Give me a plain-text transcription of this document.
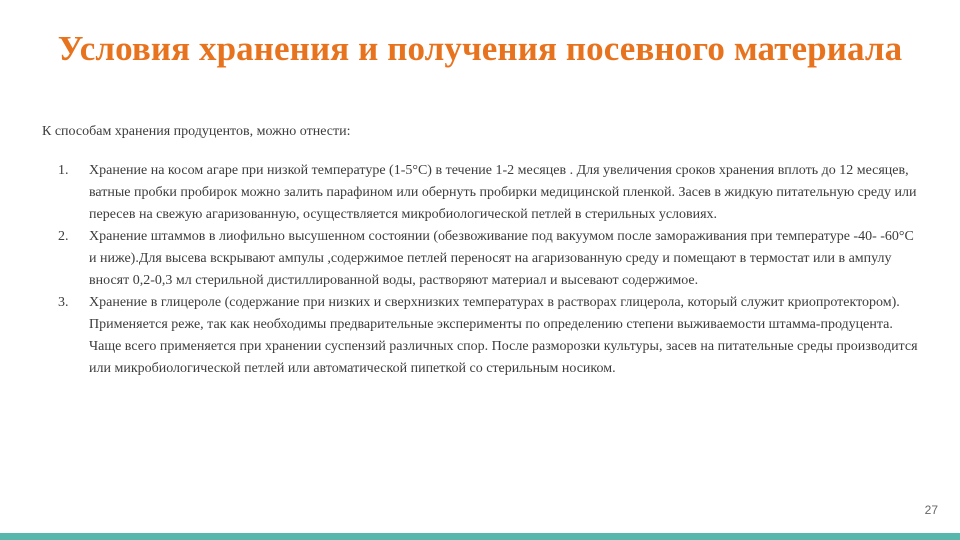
Условия хранения и получения посевного материала

К способам хранения продуцентов, можно отнести:

1. Хранение на косом агаре при низкой температуре (1-5°С) в течение 1-2 месяцев . Для увеличения сроков хранения вплоть до 12 месяцев, ватные пробки пробирок можно залить парафином или обернуть пробирки медицинской пленкой. Засев в жидкую питательную среду или пересев на свежую агаризованную, осуществляется микробиологической петлей в стерильных условиях.
2. Хранение штаммов в лиофильно высушенном состоянии (обезвоживание под вакуумом после замораживания при температуре -40- -60°С и ниже).Для высева вскрывают ампулы ,содержимое петлей переносят на агаризованную среду и помещают в термостат или в ампулу вносят 0,2-0,3 мл стерильной дистиллированной воды, растворяют материал и высевают содержимое.
3. Хранение в глицероле (содержание при низких и сверхнизких температурах в растворах глицерола, который служит криопротектором). Применяется реже, так как необходимы предварительные эксперименты по определению степени выживаемости штамма-продуцента. Чаще всего применяется при хранении суспензий различных спор. После разморозки культуры, засев на питательные среды производится или микробиологической петлей или автоматической пипеткой со стерильным носиком.
27
